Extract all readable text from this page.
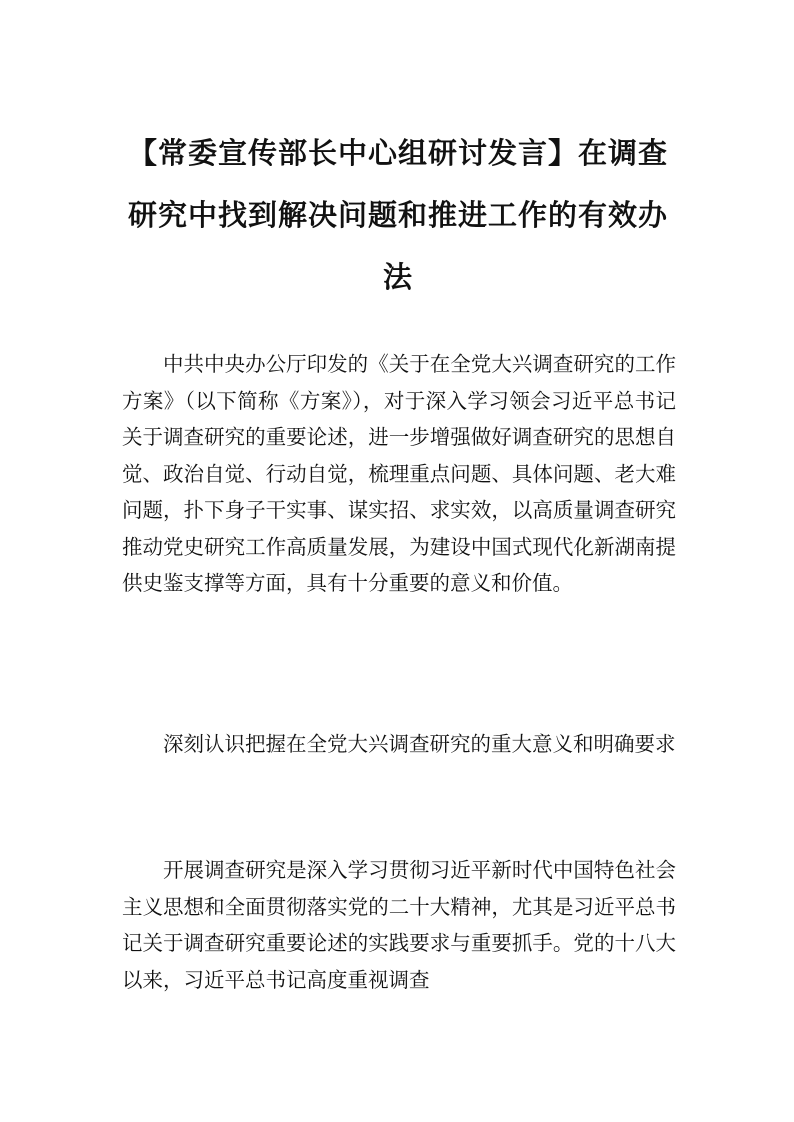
【常委宣传部长中心组研讨发言】在调查研究中找到解决问题和推进工作的有效办法

中共中央办公厅印发的《关于在全党大兴调查研究的工作方案》（以下简称《方案》），对于深入学习领会习近平总书记关于调查研究的重要论述，进一步增强做好调查研究的思想自觉、政治自觉、行动自觉，梳理重点问题、具体问题、老大难问题，扑下身子干实事、谋实招、求实效，以高质量调查研究推动党史研究工作高质量发展，为建设中国式现代化新湖南提供史鉴支撑等方面，具有十分重要的意义和价值。

深刻认识把握在全党大兴调查研究的重大意义和明确要求

开展调查研究是深入学习贯彻习近平新时代中国特色社会主义思想和全面贯彻落实党的二十大精神，尤其是习近平总书记关于调查研究重要论述的实践要求与重要抓手。党的十八大以来，习近平总书记高度重视调查
